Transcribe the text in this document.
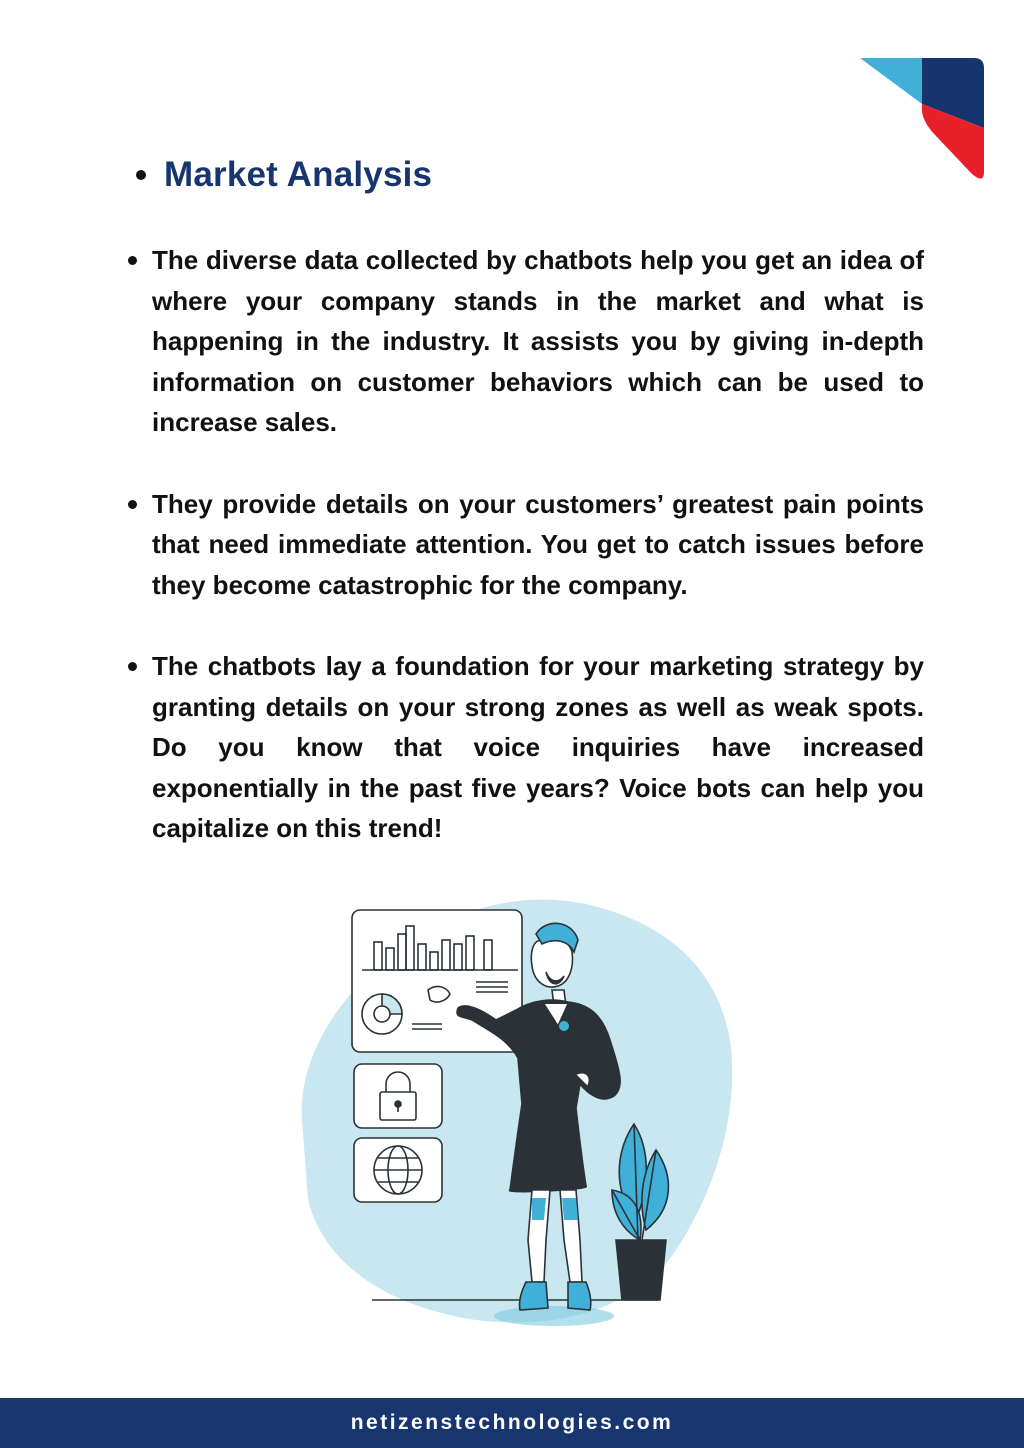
Market Analysis
The diverse data collected by chatbots help you get an idea of where your company stands in the market and what is happening in the industry. It assists you by giving in-depth information on customer behaviors which can be used to increase sales.
They provide details on your customers’ greatest pain points that need immediate attention. You get to catch issues before they become catastrophic for the company.
The chatbots lay a foundation for your marketing strategy by granting details on your strong zones as well as weak spots. Do you know that voice inquiries have increased exponentially in the past five years? Voice bots can help you capitalize on this trend!
netizenstechnologies.com
